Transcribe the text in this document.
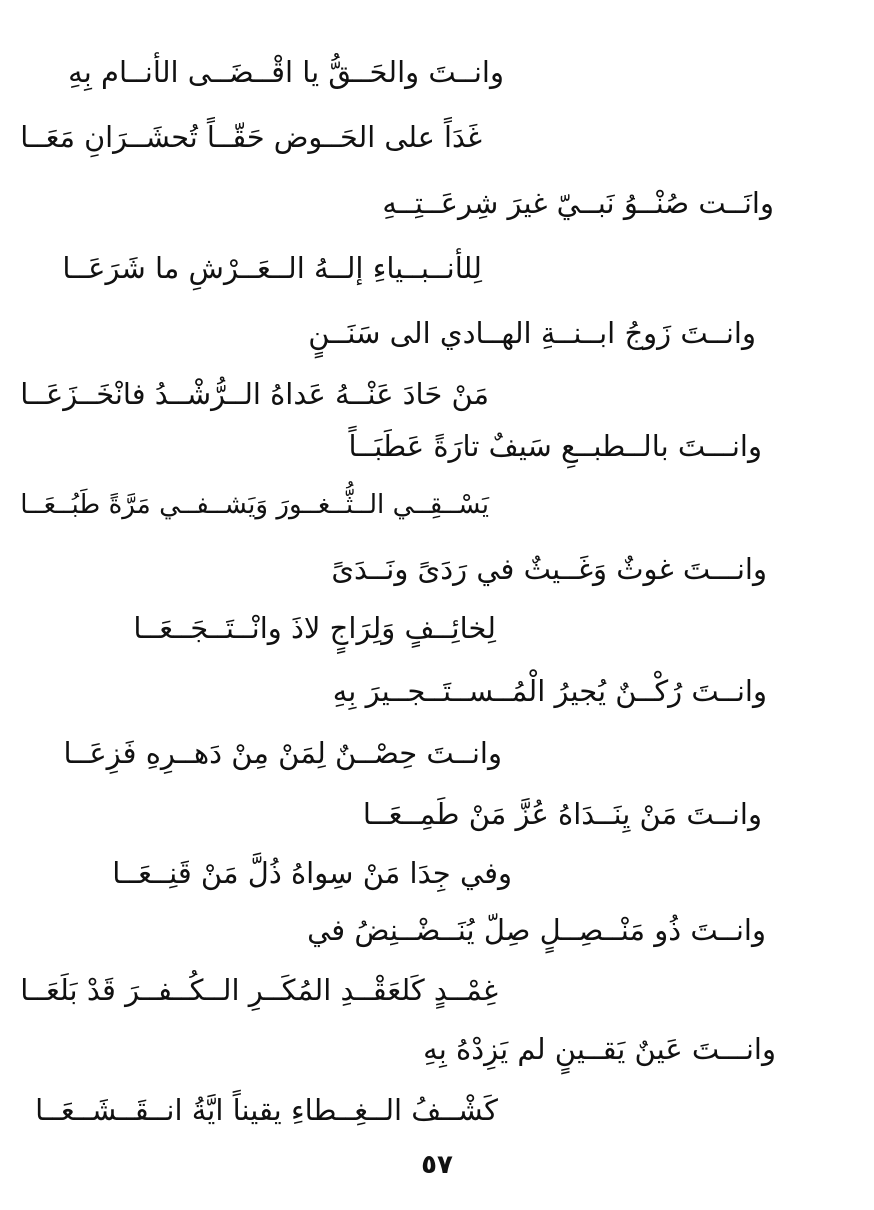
وانــتَ والحَــقُّ يا اقْــضَــى الأنــام بِهِ
غَدَاً على الحَــوض حَقّــاً تُحشَــرَانِ مَعَــا
وانَــت صُنْــوُ نَبــيّ غيرَ شِرعَــتِــهِ
لِلأنــبــياءِ إلــهُ الــعَــرْشِ ما شَرَعَــا
وانــتَ زَوجُ ابــنــةِ الهــادي الى سَنَــنٍ
مَنْ حَادَ عَنْــهُ عَداهُ الــرُّشْــدُ فانْخَــزَعَــا
وانـــتَ بالــطبــعِ سَيفٌ تارَةً عَطَبَــاً
يَسْــقِــي الــثُّــغــورَ وَيَشــفــي مَرَّةً طَبُــعَــا
وانـــتَ غوثٌ وَغَــيثٌ في رَدَىً ونَــدَىً
لِخائِــفٍ وَلِرَاجٍ لاذَ وانْــتَــجَــعَــا
وانــتَ رُكْــنٌ يُجيرُ الْمُــســتَــجــيرَ بِهِ
وانــتَ حِصْــنٌ لِمَنْ مِنْ دَهــرِهِ فَزِعَــا
وانــتَ مَنْ يِنَــدَاهُ عُزَّ مَنْ طَمِــعَــا
وفي جِدَا مَنْ سِواهُ ذُلَّ مَنْ قَنِــعَــا
وانــتَ ذُو مَنْــصِــلٍ صِلّ يُنَــضْــنِضُ في
غِمْــدٍ كَلعَقْــدِ المُكَــرِ الــكُــفــرَ قَدْ بَلَعَــا
وانـــتَ عَينٌ يَقــينٍ لم يَزِدْهُ بِهِ
كَشْــفُ الــغِــطاءِ يقيناً ايَّةُ انــقَــشَــعَــا
٥٧
